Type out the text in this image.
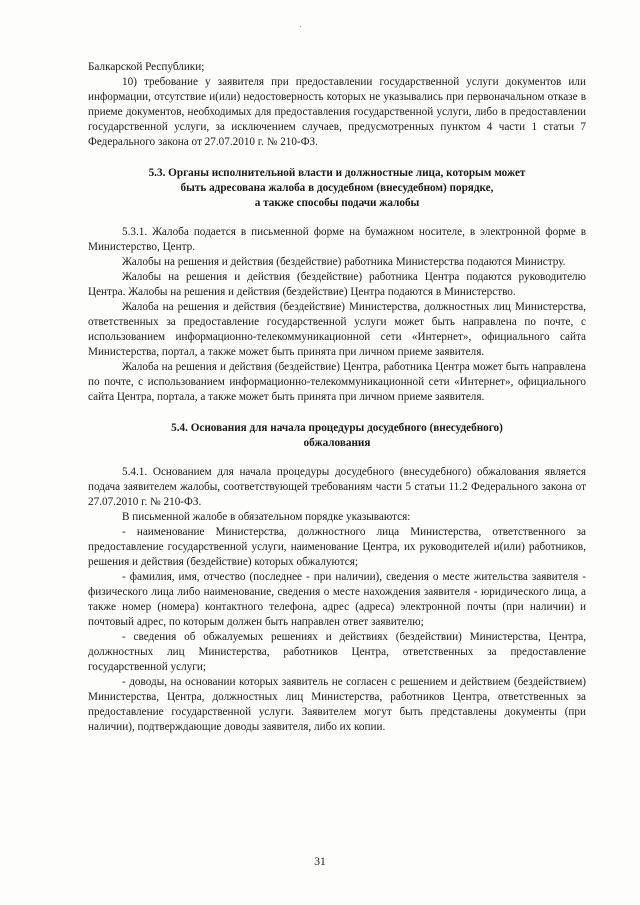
Балкарской Республики;

10) требование у заявителя при предоставлении государственной услуги документов или информации, отсутствие и(или) недостоверность которых не указывались при первоначальном отказе в приеме документов, необходимых для предоставления государственной услуги, либо в предоставлении государственной услуги, за исключением случаев, предусмотренных пунктом 4 части 1 статьи 7 Федерального закона от 27.07.2010 г. № 210-ФЗ.

5.3. Органы исполнительной власти и должностные лица, которым может

быть адресована жалоба в досудебном (внесудебном) порядке,

а также способы подачи жалобы

5.3.1. Жалоба подается в письменной форме на бумажном носителе, в электронной форме в Министерство, Центр.

Жалобы на решения и действия (бездействие) работника Министерства подаются Министру.

Жалобы на решения и действия (бездействие) работника Центра подаются руководителю Центра. Жалобы на решения и действия (бездействие) Центра подаются в Министерство.

Жалоба на решения и действия (бездействие) Министерства, должностных лиц Министерства, ответственных за предоставление государственной услуги может быть направлена по почте, с использованием информационно-телекоммуникационной сети «Интернет», официального сайта Министерства, портал, а также может быть принята при личном приеме заявителя.

Жалоба на решения и действия (бездействие) Центра, работника Центра может быть направлена по почте, с использованием информационно-телекоммуникационной сети «Интернет», официального сайта Центра, портала, а также может быть принята при личном приеме заявителя.

5.4. Основания для начала процедуры досудебного (внесудебного)

обжалования

5.4.1. Основанием для начала процедуры досудебного (внесудебного) обжалования является подача заявителем жалобы, соответствующей требованиям части 5 статьи 11.2 Федерального закона от 27.07.2010 г. № 210-ФЗ.

В письменной жалобе в обязательном порядке указываются:

- наименование Министерства, должностного лица Министерства, ответственного за предоставление государственной услуги, наименование Центра, их руководителей и(или) работников, решения и действия (бездействие) которых обжалуются;

- фамилия, имя, отчество (последнее - при наличии), сведения о месте жительства заявителя - физического лица либо наименование, сведения о месте нахождения заявителя - юридического лица, а также номер (номера) контактного телефона, адрес (адреса) электронной почты (при наличии) и почтовый адрес, по которым должен быть направлен ответ заявителю;

- сведения об обжалуемых решениях и действиях (бездействии) Министерства, Центра, должностных лиц Министерства, работников Центра, ответственных за предоставление государственной услуги;

- доводы, на основании которых заявитель не согласен с решением и действием (бездействием) Министерства, Центра, должностных лиц Министерства, работников Центра, ответственных за предоставление государственной услуги. Заявителем могут быть представлены документы (при наличии), подтверждающие доводы заявителя, либо их копии.

31
